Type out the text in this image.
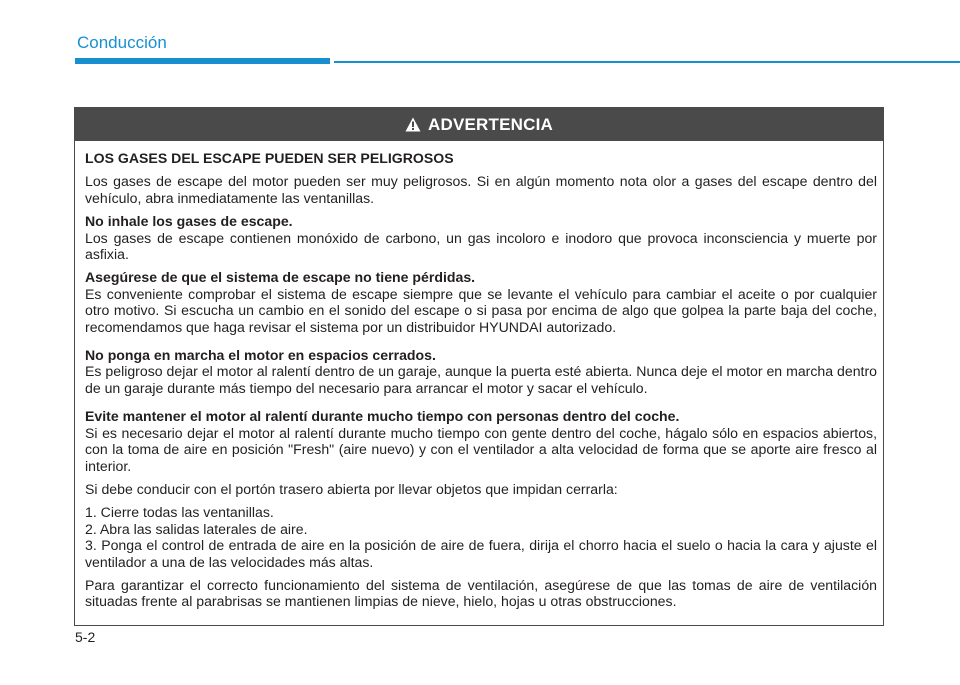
Conducción
ADVERTENCIA

LOS GASES DEL ESCAPE PUEDEN SER PELIGROSOS

Los gases de escape del motor pueden ser muy peligrosos. Si en algún momento nota olor a gases del escape dentro del vehículo, abra inmediatamente las ventanillas.

No inhale los gases de escape.
Los gases de escape contienen monóxido de carbono, un gas incoloro e inodoro que provoca inconsciencia y muerte por asfixia.

Asegúrese de que el sistema de escape no tiene pérdidas.
Es conveniente comprobar el sistema de escape siempre que se levante el vehículo para cambiar el aceite o por cualquier otro motivo. Si escucha un cambio en el sonido del escape o si pasa por encima de algo que golpea la parte baja del coche, recomendamos que haga revisar el sistema por un distribuidor HYUNDAI autorizado.

No ponga en marcha el motor en espacios cerrados.
Es peligroso dejar el motor al ralentí dentro de un garaje, aunque la puerta esté abierta. Nunca deje el motor en marcha dentro de un garaje durante más tiempo del necesario para arrancar el motor y sacar el vehículo.

Evite mantener el motor al ralentí durante mucho tiempo con personas dentro del coche.
Si es necesario dejar el motor al ralentí durante mucho tiempo con gente dentro del coche, hágalo sólo en espacios abiertos, con la toma de aire en posición "Fresh" (aire nuevo) y con el ventilador a alta velocidad de forma que se aporte aire fresco al interior.

Si debe conducir con el portón trasero abierta por llevar objetos que impidan cerrarla:

1. Cierre todas las ventanillas.
2. Abra las salidas laterales de aire.
3. Ponga el control de entrada de aire en la posición de aire de fuera, dirija el chorro hacia el suelo o hacia la cara y ajuste el ventilador a una de las velocidades más altas.

Para garantizar el correcto funcionamiento del sistema de ventilación, asegúrese de que las tomas de aire de ventilación situadas frente al parabrisas se mantienen limpias de nieve, hielo, hojas u otras obstrucciones.

5-2
